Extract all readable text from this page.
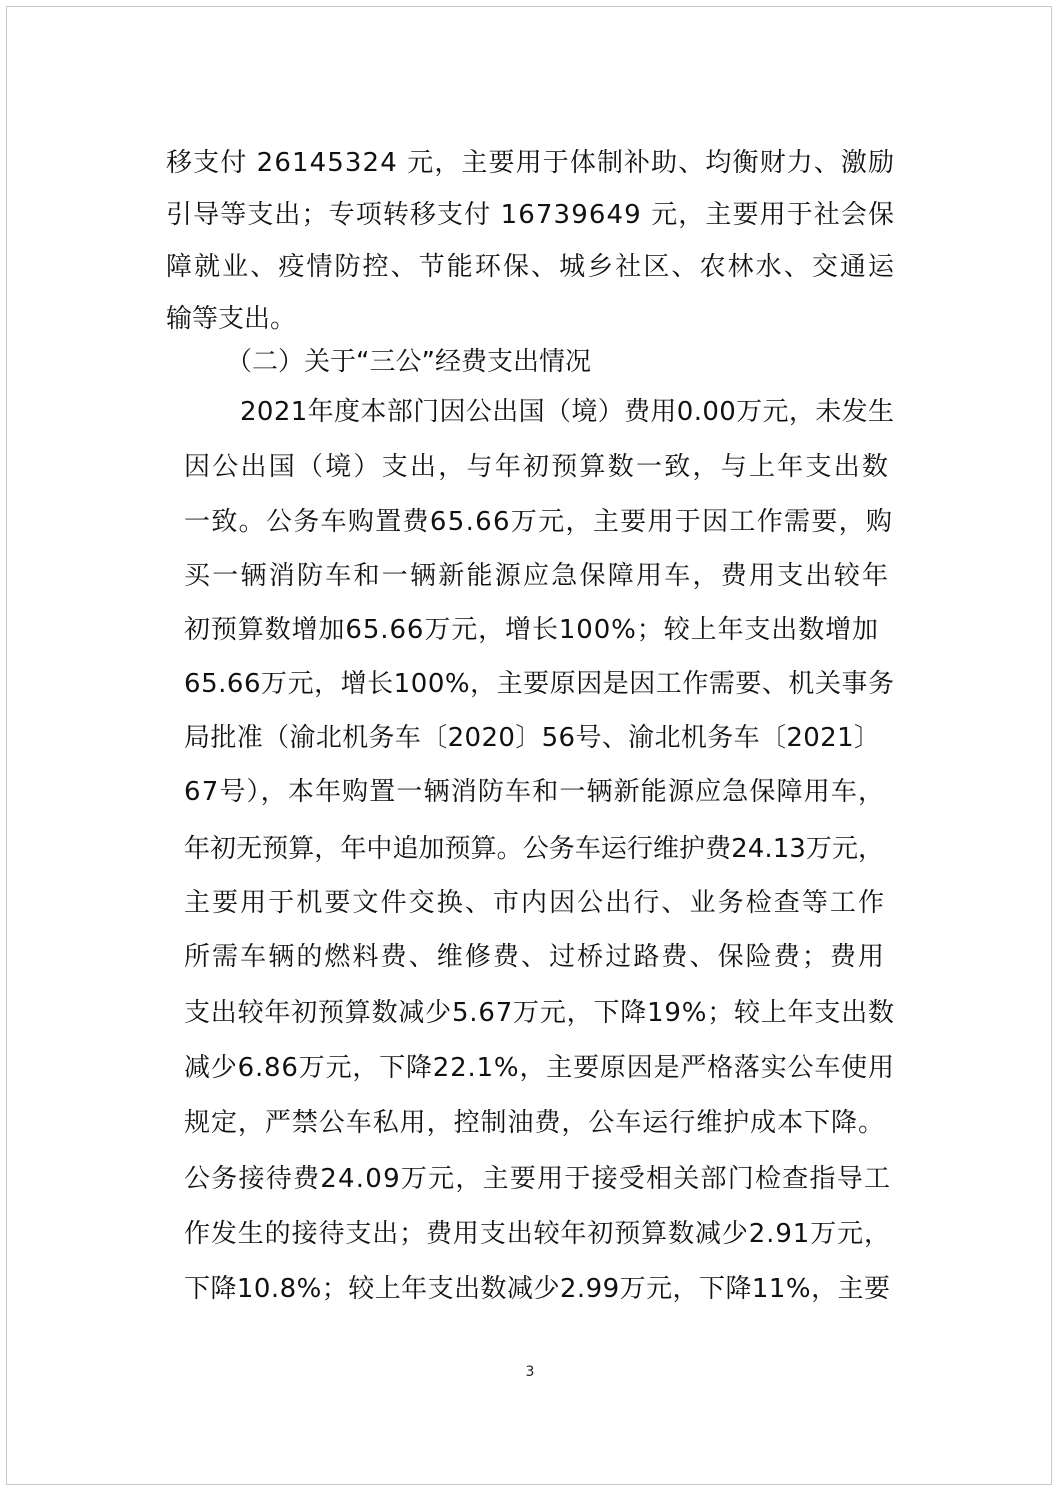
移支付 26145324 元，主要用于体制补助、均衡财力、激励
引导等支出；专项转移支付 16739649 元，主要用于社会保
障就业、疫情防控、节能环保、城乡社区、农林水、交通运
输等支出。
（二）关于“三公”经费支出情况
2021年度本部门因公出国（境）费用0.00万元，未发生
因公出国（境）支出，与年初预算数一致，与上年支出数
一致。公务车购置费65.66万元，主要用于因工作需要，购
买一辆消防车和一辆新能源应急保障用车，费用支出较年
初预算数增加65.66万元，增长100%；较上年支出数增加
65.66万元，增长100%，主要原因是因工作需要、机关事务
局批准（渝北机务车〔2020〕56号、渝北机务车〔2021〕
67号），本年购置一辆消防车和一辆新能源应急保障用车，
年初无预算，年中追加预算。公务车运行维护费24.13万元，
主要用于机要文件交换、市内因公出行、业务检查等工作
所需车辆的燃料费、维修费、过桥过路费、保险费；费用
支出较年初预算数减少5.67万元，下降19%；较上年支出数
减少6.86万元，下降22.1%，主要原因是严格落实公车使用
规定，严禁公车私用，控制油费，公车运行维护成本下降。
公务接待费24.09万元，主要用于接受相关部门检查指导工
作发生的接待支出；费用支出较年初预算数减少2.91万元，
下降10.8%；较上年支出数减少2.99万元，下降11%，主要
3
